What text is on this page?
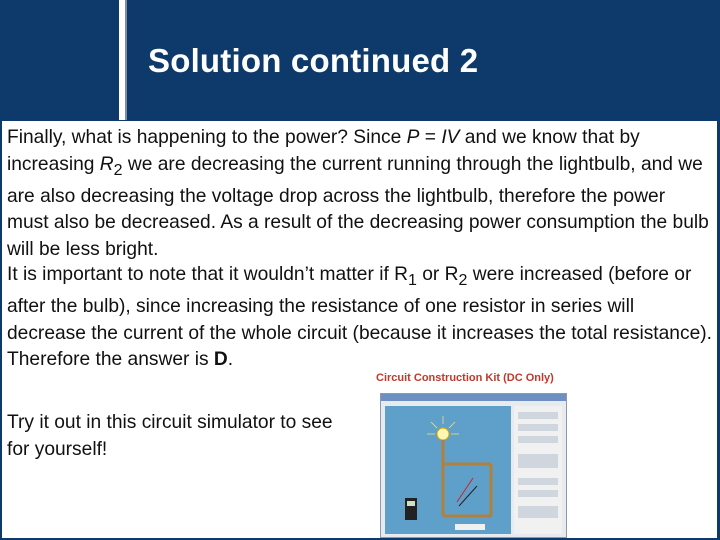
Solution continued 2
Finally, what is happening to the power? Since P = IV and we know that by increasing $R_2$ we are decreasing the current running through the lightbulb, and we are also decreasing the voltage drop across the lightbulb, therefore the power must also be decreased. As a result of the decreasing power consumption the bulb will be less bright.
It is important to note that it wouldn’t matter if $R_1$ or $R_2$ were increased (before or after the bulb), since increasing the resistance of one resistor in series will decrease the current of the whole circuit (because it increases the total resistance). Therefore the answer is D.
Try it out in this circuit simulator to see for yourself!
Circuit Construction Kit (DC Only)
